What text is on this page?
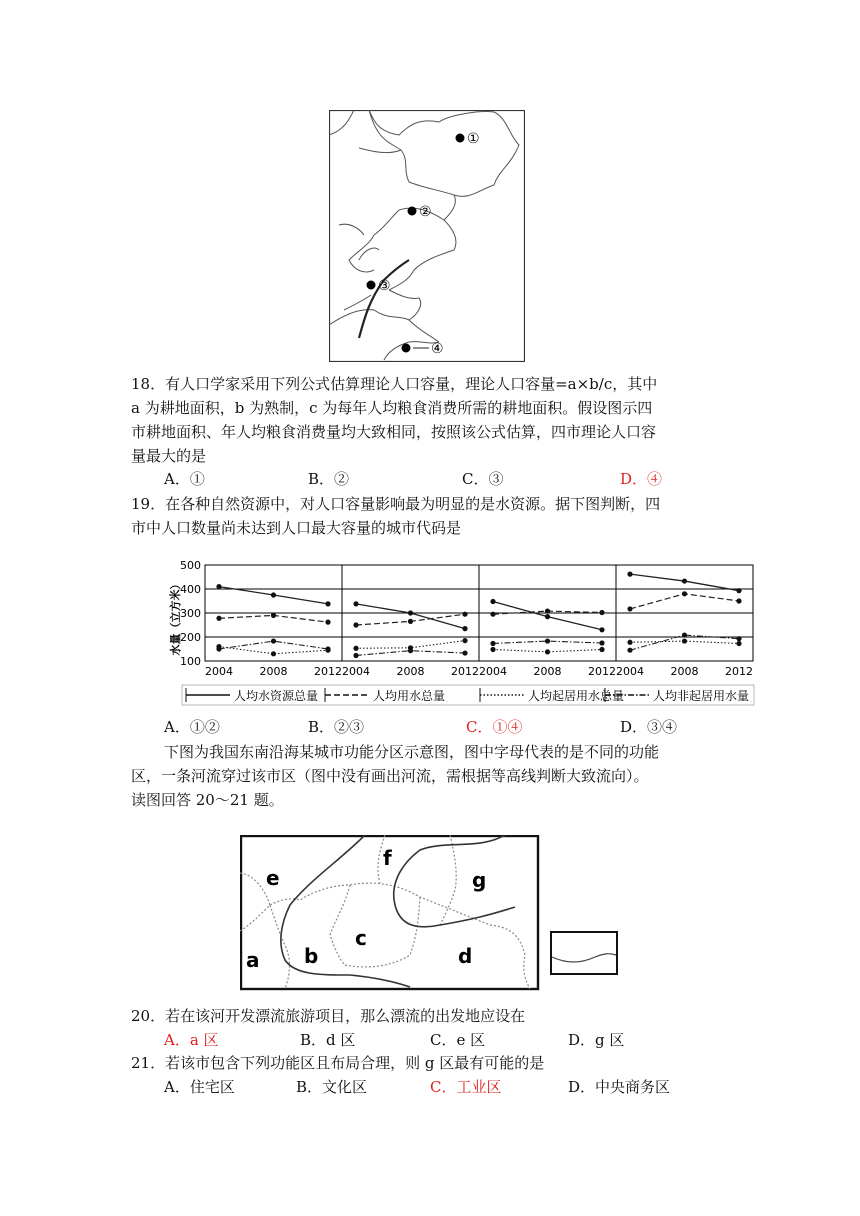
①
②
③
④
18．有人口学家采用下列公式估算理论人口容量，理论人口容量=a×b/c，其中
a 为耕地面积，b 为熟制，c 为每年人均粮食消费所需的耕地面积。假设图示四
市耕地面积、年人均粮食消费量均大致相同，按照该公式估算，四市理论人口容
量最大的是
A．①	B．②	C．③	D．④
19．在各种自然资源中，对人口容量影响最为明显的是水资源。据下图判断，四
市中人口数量尚未达到人口最大容量的城市代码是
500
400
300
200
100
水量（立方米）
2004 2008 2012 2004 2008 2012 2004 2008 2012 2004 2008 2012
人均水资源总量	人均用水总量	人均起居用水总量 人均非起居用水量
A．①②	B．②③	C．①④	D．③④
下图为我国东南沿海某城市功能分区示意图，图中字母代表的是不同的功能
区，一条河流穿过该市区（图中没有画出河流，需根据等高线判断大致流向）。
读图回答 20～21 题。
a b
c
d
e
f
g
20．若在该河开发漂流旅游项目，那么漂流的出发地应设在
A．a 区	B．d 区	C．e 区	D．g 区
21．若该市包含下列功能区且布局合理，则 g 区最有可能的是
A．住宅区	B．文化区	C．工业区	D．中央商务区
